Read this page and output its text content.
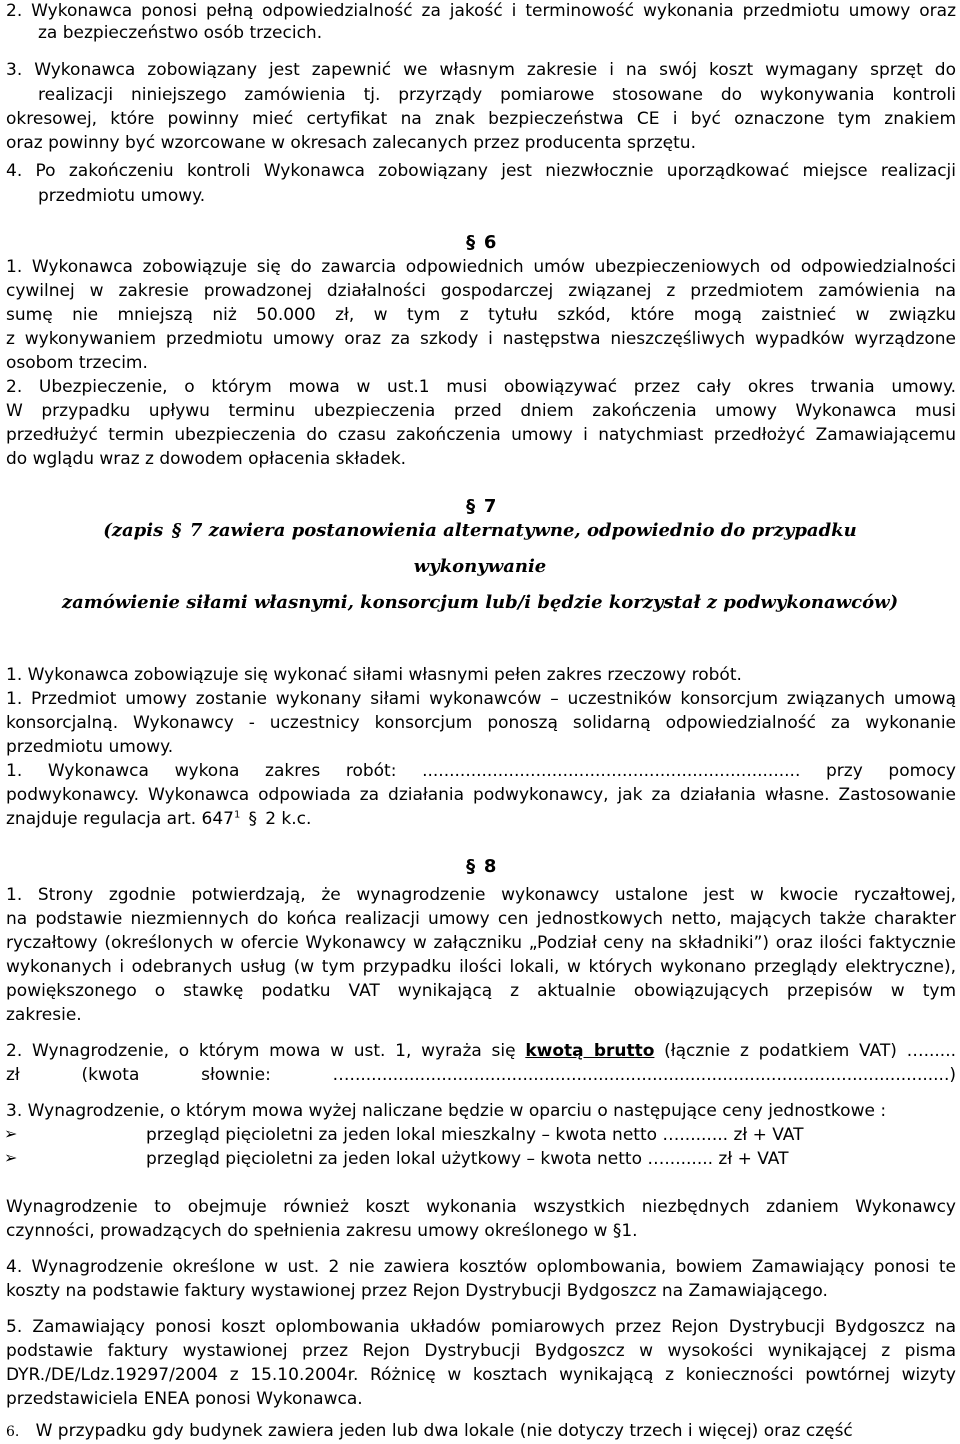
2. Wykonawca ponosi pełną odpowiedzialność za jakość i terminowość wykonania przedmiotu umowy oraz
za bezpieczeństwo osób trzecich.
3. Wykonawca zobowiązany jest zapewnić we własnym zakresie i na swój koszt wymagany sprzęt do
realizacji niniejszego zamówienia tj. przyrządy pomiarowe stosowane do wykonywania kontroli
okresowej, które powinny mieć certyfikat na znak bezpieczeństwa CE i być oznaczone tym znakiem
oraz powinny być wzorcowane w okresach zalecanych przez producenta sprzętu.
4. Po zakończeniu kontroli Wykonawca zobowiązany jest niezwłocznie uporządkować miejsce realizacji
przedmiotu umowy.
§ 6
1. Wykonawca zobowiązuje się do zawarcia odpowiednich umów ubezpieczeniowych od odpowiedzialności
cywilnej w zakresie prowadzonej działalności gospodarczej związanej z przedmiotem zamówienia na
sumę nie mniejszą niż 50.000 zł, w tym z tytułu szkód, które mogą zaistnieć w związku
z wykonywaniem przedmiotu umowy oraz za szkody i następstwa nieszczęśliwych wypadków wyrządzone
osobom trzecim.
2. Ubezpieczenie, o którym mowa w ust.1 musi obowiązywać przez cały okres trwania umowy.
W przypadku upływu terminu ubezpieczenia przed dniem zakończenia umowy Wykonawca musi
przedłużyć termin ubezpieczenia do czasu zakończenia umowy i natychmiast przedłożyć Zamawiającemu
do wglądu wraz z dowodem opłacenia składek.
§ 7
(zapis § 7 zawiera postanowienia alternatywne, odpowiednio do przypadku
wykonywanie
zamówienie siłami własnymi, konsorcjum lub/i będzie korzystał z podwykonawców)
1. Wykonawca zobowiązuje się wykonać siłami własnymi pełen zakres rzeczowy robót.
1. Przedmiot umowy zostanie wykonany siłami wykonawców – uczestników konsorcjum związanych umową
konsorcjalną. Wykonawcy - uczestnicy konsorcjum ponoszą solidarną odpowiedzialność za wykonanie
przedmiotu umowy.
1. Wykonawca wykona zakres robót: ...................................................................... przy pomocy
podwykonawcy. Wykonawca odpowiada za działania podwykonawcy, jak za działania własne. Zastosowanie
znajduje regulacja art. $647^1$ § 2 k.c.
§ 8
1. Strony zgodnie potwierdzają, że wynagrodzenie wykonawcy ustalone jest w kwocie ryczałtowej,
na podstawie niezmiennych do końca realizacji umowy cen jednostkowych netto, mających także charakter
ryczałtowy (określonych w ofercie Wykonawcy w załączniku „Podział ceny na składniki”) oraz ilości faktycznie
wykonanych i odebranych usług (w tym przypadku ilości lokali, w których wykonano przeglądy elektryczne),
powiększonego o stawkę podatku VAT wynikającą z aktualnie obowiązujących przepisów w tym
zakresie.
2. Wynagrodzenie, o którym mowa w ust. 1, wyraża się kwotą brutto (łącznie z podatkiem VAT) …......
zł (kwota słownie: …...............................................................................................................)
3. Wynagrodzenie, o którym mowa wyżej naliczane będzie w oparciu o następujące ceny jednostkowe :
➢	przegląd pięcioletni za jeden lokal mieszkalny – kwota netto …......... zł + VAT
➢	przegląd pięcioletni za jeden lokal użytkowy – kwota netto …......... zł + VAT
Wynagrodzenie to obejmuje również koszt wykonania wszystkich niezbędnych zdaniem Wykonawcy
czynności, prowadzących do spełnienia zakresu umowy określonego w §1.
4. Wynagrodzenie określone w ust. 2 nie zawiera kosztów oplombowania, bowiem Zamawiający ponosi te
koszty na podstawie faktury wystawionej przez Rejon Dystrybucji Bydgoszcz na Zamawiającego.
5. Zamawiający ponosi koszt oplombowania układów pomiarowych przez Rejon Dystrybucji Bydgoszcz na
podstawie faktury wystawionej przez Rejon Dystrybucji Bydgoszcz w wysokości wynikającej z pisma
DYR./DE/Ldz.19297/2004 z 15.10.2004r. Różnicę w kosztach wynikającą z konieczności powtórnej wizyty
przedstawiciela ENEA ponosi Wykonawca.
6. W przypadku gdy budynek zawiera jeden lub dwa lokale (nie dotyczy trzech i więcej) oraz część
